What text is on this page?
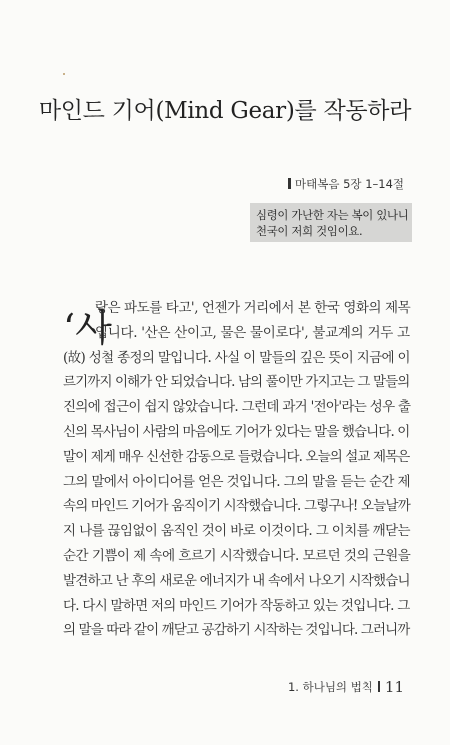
마인드 기어(Mind Gear)를 작동하라
마태복음 5장 1–14절
심령이 가난한 자는 복이 있나니
천국이 저희 것임이요.
‘사
랑은 파도를 타고', 언젠가 거리에서 본 한국 영화의 제목
입니다. '산은 산이고, 물은 물이로다', 불교계의 거두 고
(故) 성철 종정의 말입니다. 사실 이 말들의 깊은 뜻이 지금에 이
르기까지 이해가 안 되었습니다. 남의 풀이만 가지고는 그 말들의
진의에 접근이 쉽지 않았습니다. 그런데 과거 '전아'라는 성우 출
신의 목사님이 사람의 마음에도 기어가 있다는 말을 했습니다. 이
말이 제게 매우 신선한 감동으로 들렸습니다. 오늘의 설교 제목은
그의 말에서 아이디어를 얻은 것입니다. 그의 말을 듣는 순간 제
속의 마인드 기어가 움직이기 시작했습니다. 그렇구나! 오늘날까
지 나를 끊임없이 움직인 것이 바로 이것이다. 그 이치를 깨닫는
순간 기쁨이 제 속에 흐르기 시작했습니다. 모르던 것의 근원을
발견하고 난 후의 새로운 에너지가 내 속에서 나오기 시작했습니
다. 다시 말하면 저의 마인드 기어가 작동하고 있는 것입니다. 그
의 말을 따라 같이 깨닫고 공감하기 시작하는 것입니다. 그러니까
1. 하나님의 법칙 11
